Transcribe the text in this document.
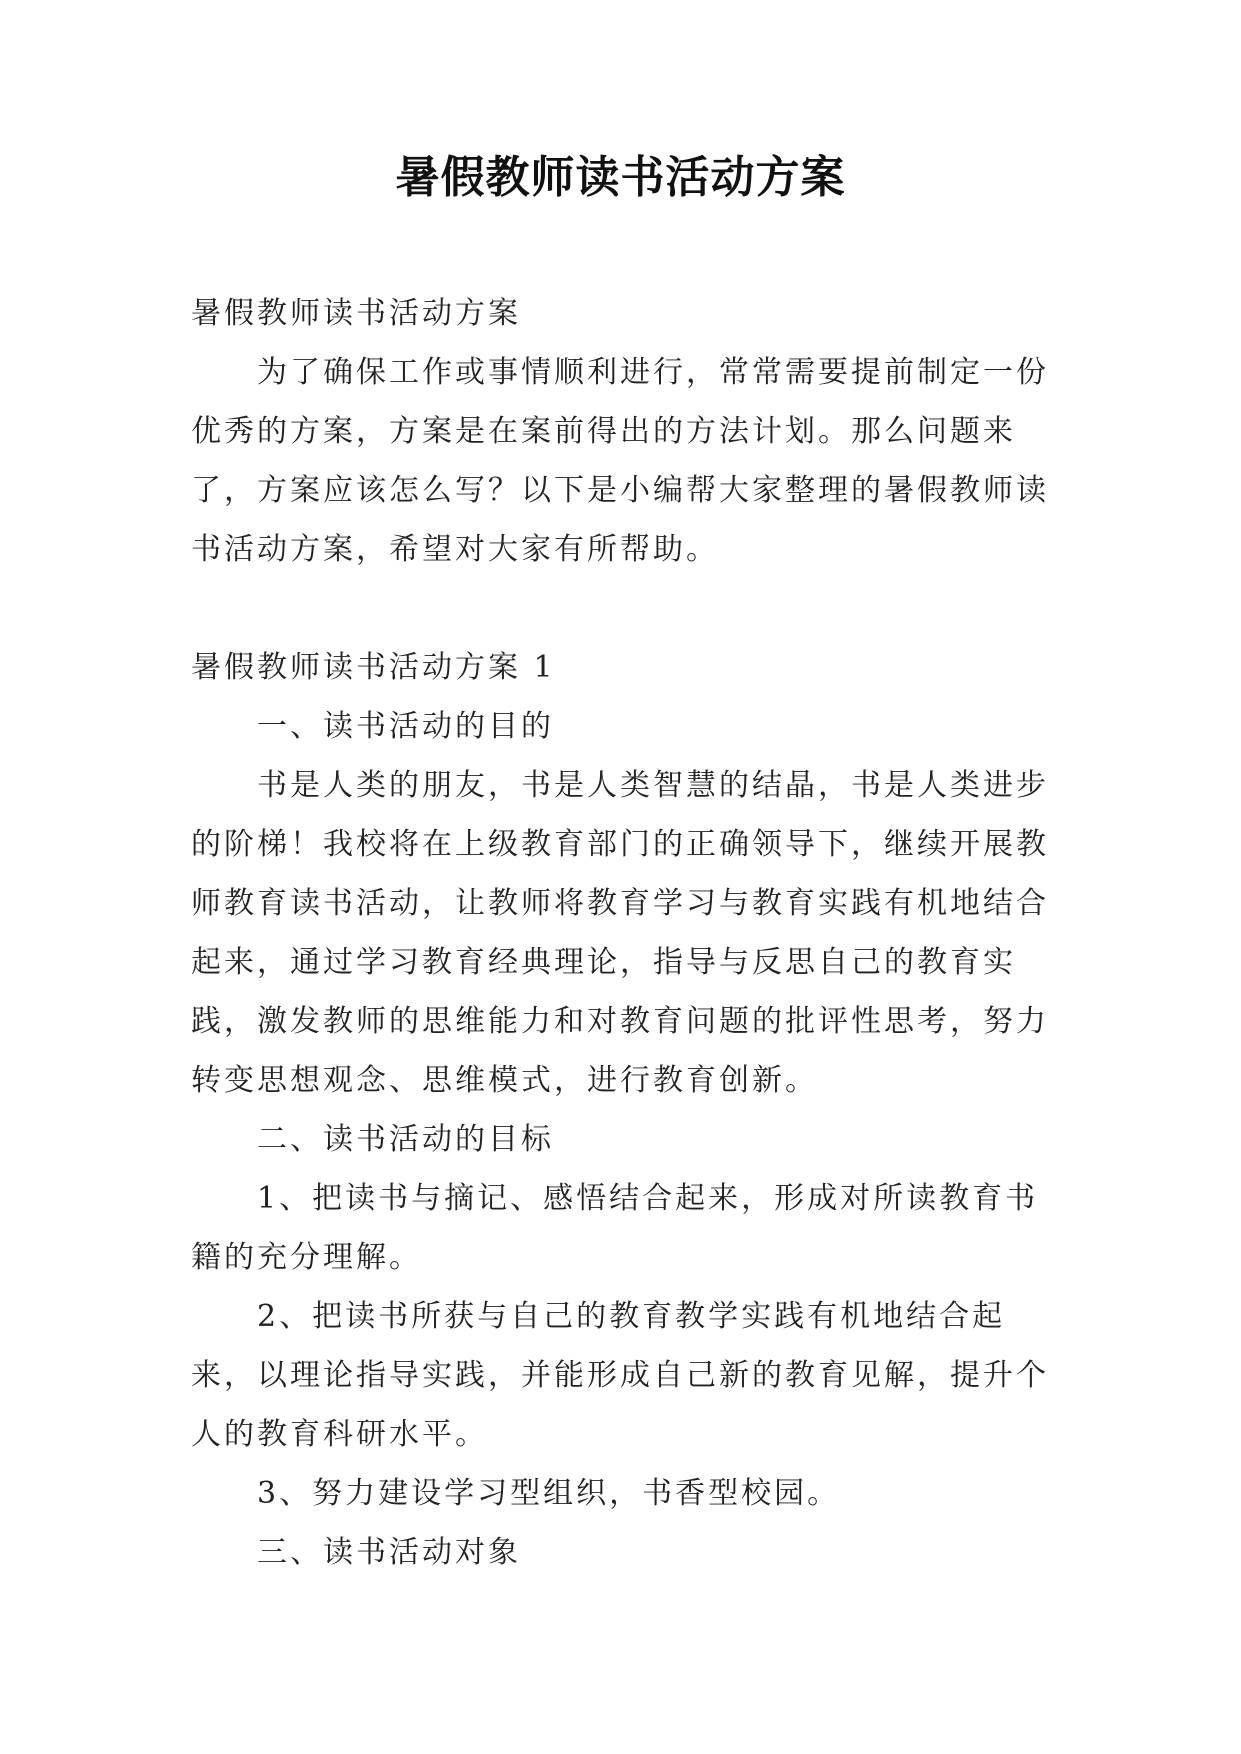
暑假教师读书活动方案

暑假教师读书活动方案

为了确保工作或事情顺利进行，常常需要提前制定一份优秀的方案，方案是在案前得出的方法计划。那么问题来了，方案应该怎么写？以下是小编帮大家整理的暑假教师读书活动方案，希望对大家有所帮助。

暑假教师读书活动方案 1

一、读书活动的目的

书是人类的朋友，书是人类智慧的结晶，书是人类进步的阶梯！我校将在上级教育部门的正确领导下，继续开展教师教育读书活动，让教师将教育学习与教育实践有机地结合起来，通过学习教育经典理论，指导与反思自己的教育实践，激发教师的思维能力和对教育问题的批评性思考，努力转变思想观念、思维模式，进行教育创新。

二、读书活动的目标

1、把读书与摘记、感悟结合起来，形成对所读教育书籍的充分理解。

2、把读书所获与自己的教育教学实践有机地结合起来，以理论指导实践，并能形成自己新的教育见解，提升个人的教育科研水平。

3、努力建设学习型组织，书香型校园。

三、读书活动对象
